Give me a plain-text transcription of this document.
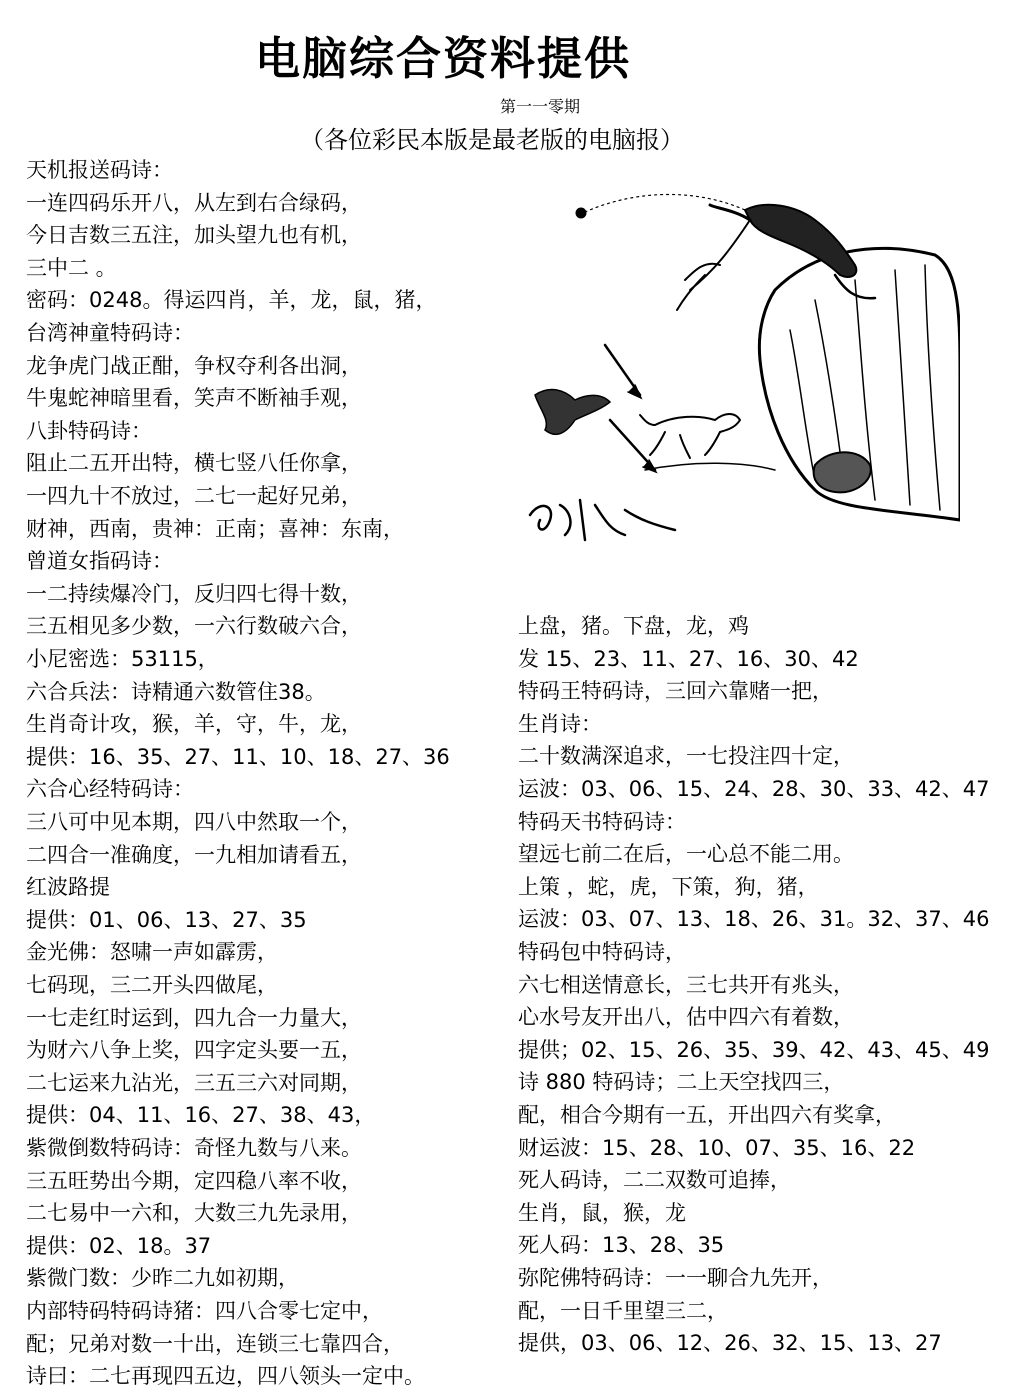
电脑综合资料提供
第一一零期
（各位彩民本版是最老版的电脑报）
天机报送码诗：
一连四码乐开八，从左到右合绿码，
今日吉数三五注，加头望九也有机，
三中二 。
密码：0248。得运四肖，羊，龙，鼠，猪，
台湾神童特码诗：
龙争虎门战正酣，争权夺利各出洞，
牛鬼蛇神暗里看，笑声不断袖手观，
八卦特码诗：
阻止二五开出特，横七竖八任你拿，
一四九十不放过，二七一起好兄弟，
财神，西南，贵神：正南；喜神：东南，
曾道女指码诗：
一二持续爆冷门，反归四七得十数，
三五相见多少数，一六行数破六合，
小尼密选：53115，
六合兵法：诗精通六数管住38。
生肖奇计攻，猴，羊，守，牛，龙，
提供：16、35、27、11、10、18、27、36
六合心经特码诗：
三八可中见本期，四八中然取一个，
二四合一准确度，一九相加请看五，
红波路提
提供：01、06、13、27、35
金光佛：怒啸一声如霹雳，
七码现，三二开头四做尾，
一七走红时运到，四九合一力量大，
为财六八争上奖，四字定头要一五，
二七运来九沾光，三五三六对同期，
提供：04、11、16、27、38、43，
紫微倒数特码诗：奇怪九数与八来。
三五旺势出今期，定四稳八率不收，
二七易中一六和，大数三九先录用，
提供：02、18。37
紫微门数：少昨二九如初期，
内部特码特码诗猪：四八合零七定中，
配；兄弟对数一十出，连锁三七靠四合，
诗曰：二七再现四五边，四八领头一定中。
上盘，猪。下盘，龙，鸡
发 15、23、11、27、16、30、42
特码王特码诗，三回六靠赌一把，
生肖诗：
二十数满深追求，一七投注四十定，
运波：03、06、15、24、28、30、33、42、47
特码天书特码诗：
望远七前二在后，一心总不能二用。
上策 ，蛇，虎，下策，狗，猪，
运波：03、07、13、18、26、31。32、37、46
特码包中特码诗，
六七相送情意长，三七共开有兆头，
心水号友开出八，估中四六有着数，
提供；02、15、26、35、39、42、43、45、49
诗 880 特码诗；二上天空找四三，
配，相合今期有一五，开出四六有奖拿，
财运波：15、28、10、07、35、16、22
死人码诗，二二双数可追捧，
生肖，鼠，猴，龙
死人码：13、28、35
弥陀佛特码诗：一一聊合九先开，
配，一日千里望三二，
提供，03、06、12、26、32、15、13、27
